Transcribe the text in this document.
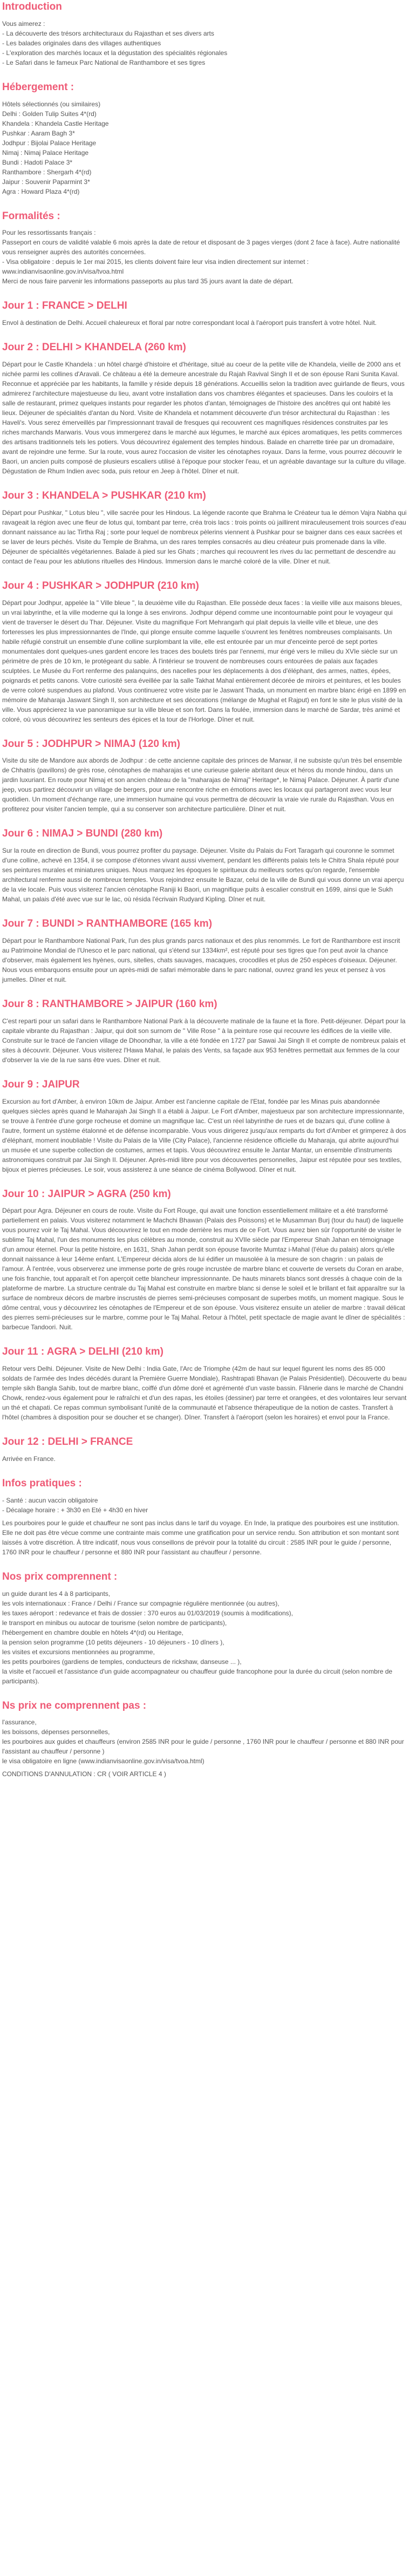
Introduction
Vous aimerez :
- La découverte des trésors architecturaux du Rajasthan et ses divers arts
- Les balades originales dans des villages authentiques
- L'exploration des marchés locaux et la dégustation des spécialités régionales
- Le Safari dans le fameux Parc National de Ranthambore et ses tigres
Hébergement :
Hôtels sélectionnés (ou similaires)
Delhi : Golden Tulip Suites 4*(rd)
Khandela : Khandela Castle Heritage
Pushkar : Aaram Bagh 3*
Jodhpur : Bijolai Palace Heritage
Nimaj : Nimaj Palace Heritage
Bundi : Hadoti Palace 3*
Ranthambore : Shergarh 4*(rd)
Jaipur : Souvenir Paparmint 3*
Agra : Howard Plaza 4*(rd)
Formalités :
Pour les ressortissants français :
Passeport en cours de validité valable 6 mois après la date de retour et disposant de 3 pages vierges (dont 2 face à face). Autre nationalité vous renseigner auprès des autorités concernées.
- Visa obligatoire : depuis le 1er mai 2015, les clients doivent faire leur visa indien directement sur internet : www.indianvisaonline.gov.in/visa/tvoa.html
Merci de nous faire parvenir les informations passeports au plus tard 35 jours avant la date de départ.
Jour 1 : FRANCE > DELHI

Envol à destination de Delhi. Accueil chaleureux et floral par notre correspondant local à l'aéroport puis transfert à votre hôtel. Nuit.

Jour 2 : DELHI > KHANDELA (260 km)

Départ pour le Castle Khandela : un hôtel chargé d'histoire et d'héritage, situé au coeur de la petite ville de Khandela, vieille de 2000 ans et nichée parmi les collines d'Aravali. Ce château a été la demeure ancestrale du Rajah Ravival Singh II et de son épouse Rani Sunita Kaval. Reconnue et appréciée par les habitants, la famille y réside depuis 18 générations. Accueillis selon la tradition avec guirlande de fleurs, vous admirerez l'architecture majestueuse du lieu, avant votre installation dans vos chambres élégantes et spacieuses. Dans les couloirs et la salle de restaurant, primez quelques instants pour regarder les photos d'antan, témoignages de l'histoire des ancêtres qui ont habité les lieux. Déjeuner de spécialités d'antan du Nord. Visite de Khandela et notamment découverte d'un trésor architectural du Rajasthan : les Haveli's. Vous serez émerveillés par l'impressionnant travail de fresques qui recouvrent ces magnifiques résidences construites par les riches marchands Marwaris. Vous vous immergerez dans le marché aux légumes, le marché aux épices aromatiques, les petits commerces des artisans traditionnels tels les potiers. Vous découvrirez également des temples hindous. Balade en charrette tirée par un dromadaire, avant de rejoindre une ferme. Sur la route, vous aurez l'occasion de visiter les cénotaphes royaux. Dans la ferme, vous pourrez découvrir le Baori, un ancien puits composé de plusieurs escaliers utilisé à l'époque pour stocker l'eau, et un agréable davantage sur la culture du village. Dégustation de Rhum Indien avec soda, puis retour en Jeep à l'hôtel. Dîner et nuit.

Jour 3 : KHANDELA > PUSHKAR (210 km)

Départ pour Pushkar, " Lotus bleu ", ville sacrée pour les Hindous. La légende raconte que Brahma le Créateur tua le démon Vajra Nabha qui ravageait la région avec une fleur de lotus qui, tombant par terre, créa trois lacs : trois points où jaillirent miraculeusement trois sources d'eau donnant naissance au lac Tirtha Raj ; sorte pour lequel de nombreux pèlerins viennent à Pushkar pour se baigner dans ces eaux sacrées et se laver de leurs péchés. Visite du Temple de Brahma, un des rares temples consacrés au dieu créateur puis promenade dans la ville. Déjeuner de spécialités végétariennes. Balade à pied sur les Ghats ; marches qui recouvrent les rives du lac permettant de descendre au contact de l'eau pour les ablutions rituelles des Hindous. Immersion dans le marché coloré de la ville. Dîner et nuit.

Jour 4 : PUSHKAR > JODHPUR (210 km)

Départ pour Jodhpur, appelée la " Ville bleue ", la deuxième ville du Rajasthan. Elle possède deux faces : la vieille ville aux maisons bleues, un vrai labyrinthe, et la ville moderne qui la longe à ses environs. Jodhpur dépend comme une incontournable point pour le voyageur qui vient de traverser le désert du Thar. Déjeuner. Visite du magnifique Fort Mehrangarh qui plait depuis la vieille ville et bleue, une des forteresses les plus impressionnantes de l'Inde, qui plonge ensuite comme laquelle s'ouvrent les fenêtres nombreuses complaisants. Un habile réfugié construit un ensemble d'une colline surplombant la ville, elle est entourée par un mur d'enceinte percé de sept portes monumentales dont quelques-unes gardent encore les traces des boulets tirés par l'ennemi, mur érigé vers le milieu du XVIe siècle sur un périmètre de près de 10 km, le protégeant du sable. À l'intérieur se trouvent de nombreuses cours entourées de palais aux façades sculptées. Le Musée du Fort renferme des palanquins, des nacelles pour les déplacements à dos d'éléphant, des armes, nattes, épées, poignards et petits canons. Votre curiosité sera éveillée par la salle Takhat Mahal entièrement décorée de miroirs et peintures, et les boules de verre coloré suspendues au plafond. Vous continuerez votre visite par le Jaswant Thada, un monument en marbre blanc érigé en 1899 en mémoire de Maharaja Jaswant Singh II, son architecture et ses décorations (mélange de Mughal et Rajput) en font le site le plus visité de la ville. Vous apprécierez la vue panoramique sur la ville bleue et son fort. Dans la foulée, immersion dans le marché de Sardar, très animé et coloré, où vous découvrirez les senteurs des épices et la tour de l'Horloge. Dîner et nuit.

Jour 5 : JODHPUR > NIMAJ (120 km)

Visite du site de Mandore aux abords de Jodhpur : de cette ancienne capitale des princes de Marwar, il ne subsiste qu'un très bel ensemble de Chhatris (pavillons) de grès rose, cénotaphes de maharajas et une curieuse galerie abritant deux et héros du monde hindou, dans un jardin luxuriant. En route pour Nimaj et son ancien château de la "maharajas de Nimaj" Heritage*, le Nimaj Palace. Déjeuner. À partir d'une jeep, vous partirez découvrir un village de bergers, pour une rencontre riche en émotions avec les locaux qui partageront avec vous leur quotidien. Un moment d'échange rare, une immersion humaine qui vous permettra de découvrir la vraie vie rurale du Rajasthan. Vous en profiterez pour visiter l'ancien temple, qui a su conserver son architecture particulière. Dîner et nuit.

Jour 6 : NIMAJ > BUNDI (280 km)

Sur la route en direction de Bundi, vous pourrez profiter du paysage. Déjeuner. Visite du Palais du Fort Taragarh qui couronne le sommet d'une colline, achevé en 1354, il se compose d'étonnes vivant aussi vivement, pendant les différents palais tels le Chitra Shala réputé pour ses peintures murales et miniatures uniques. Nous marquez les époques le spiritueux du meilleurs sortes qu'on regarde, l'ensemble architectural renferme aussi de nombreux temples. Vous rejoindrez ensuite le Bazar, celui de la ville de Bundi qui vous donne un vrai aperçu de la vie locale. Puis vous visiterez l'ancien cénotaphe Raniji ki Baori, un magnifique puits à escalier construit en 1699, ainsi que le Sukh Mahal, un palais d'été avec vue sur le lac, où résida l'écrivain Rudyard Kipling. Dîner et nuit.

Jour 7 : BUNDI > RANTHAMBORE (165 km)

Départ pour le Ranthambore National Park, l'un des plus grands parcs nationaux et des plus renommés. Le fort de Ranthambore est inscrit au Patrimoine Mondial de l'Unesco et le parc national, qui s'étend sur 1334km², est réputé pour ses tigres que l'on peut avoir la chance d'observer, mais également les hyènes, ours, sitelles, chats sauvages, macaques, crocodiles et plus de 250 espèces d'oiseaux. Déjeuner. Nous vous embarquons ensuite pour un après-midi de safari mémorable dans le parc national, ouvrez grand les yeux et pensez à vos jumelles. Dîner et nuit.

Jour 8 : RANTHAMBORE > JAIPUR (160 km)

C'est reparti pour un safari dans le Ranthambore National Park à la découverte matinale de la faune et la flore. Petit-déjeuner. Départ pour la capitale vibrante du Rajasthan : Jaipur, qui doit son surnom de " Ville Rose " à la peinture rose qui recouvre les édifices de la vieille ville. Construite sur le tracé de l'ancien village de Dhoondhar, la ville a été fondée en 1727 par Sawai Jai Singh II et compte de nombreux palais et sites à découvrir. Déjeuner. Vous visiterez l'Hawa Mahal, le palais des Vents, sa façade aux 953 fenêtres permettait aux femmes de la cour d'observer la vie de la rue sans être vues. Dîner et nuit.

Jour 9 : JAIPUR

Excursion au fort d'Amber, à environ 10km de Jaipur. Amber est l'ancienne capitale de l'Etat, fondée par les Minas puis abandonnée quelques siècles après quand le Maharajah Jai Singh II a établi à Jaipur. Le Fort d'Amber, majestueux par son architecture impressionnante, se trouve à l'entrée d'une gorge rocheuse et domine un magnifique lac. C'est un réel labyrinthe de rues et de bazars qui, d'une colline à l'autre, forment un système étalonné et de défense incomparable. Vous vous dirigerez jusqu'aux remparts du fort d'Amber et grimperez à dos d'éléphant, moment inoubliable ! Visite du Palais de la Ville (City Palace), l'ancienne résidence officielle du Maharaja, qui abrite aujourd'hui un musée et une superbe collection de costumes, armes et tapis. Vous découvrirez ensuite le Jantar Mantar, un ensemble d'instruments astronomiques construit par Jai Singh II. Déjeuner. Après-midi libre pour vos découvertes personnelles, Jaipur est réputée pour ses textiles, bijoux et pierres précieuses. Le soir, vous assisterez à une séance de cinéma Bollywood. Dîner et nuit.

Jour 10 : JAIPUR > AGRA (250 km)

Départ pour Agra. Déjeuner en cours de route. Visite du Fort Rouge, qui avait une fonction essentiellement militaire et a été transformé partiellement en palais. Vous visiterez notamment le Machchi Bhawan (Palais des Poissons) et le Musamman Burj (tour du haut) de laquelle vous pourrez voir le Taj Mahal. Vous découvrirez le tout en mode derrière les murs de ce Fort. Vous aurez bien sûr l'opportunité de visiter le sublime Taj Mahal, l'un des monuments les plus célèbres au monde, construit au XVIIe siècle par l'Empereur Shah Jahan en témoignage d'un amour éternel. Pour la petite histoire, en 1631, Shah Jahan perdit son épouse favorite Mumtaz i-Mahal (l'élue du palais) alors qu'elle donnait naissance à leur 14ème enfant. L'Empereur décida alors de lui édifier un mausolée à la mesure de son chagrin : un palais de l'amour. À l'entrée, vous observerez une immense porte de grès rouge incrustée de marbre blanc et couverte de versets du Coran en arabe, une fois franchie, tout apparaît et l'on aperçoit cette blancheur impressionnante. De hauts minarets blancs sont dressés à chaque coin de la plateforme de marbre. La structure centrale du Taj Mahal est construite en marbre blanc si dense le soleil et le brillant et fait apparaître sur la surface de nombreux décors de marbre inscrustés de pierres semi-précieuses composant de superbes motifs, un moment magique. Sous le dôme central, vous y découvrirez les cénotaphes de l'Empereur et de son épouse. Vous visiterez ensuite un atelier de marbre : travail délicat des pierres semi-précieuses sur le marbre, comme pour le Taj Mahal. Retour à l'hôtel, petit spectacle de magie avant le dîner de spécialités : barbecue Tandoori. Nuit.

Jour 11 : AGRA > DELHI (210 km)

Retour vers Delhi. Déjeuner. Visite de New Delhi : India Gate, l'Arc de Triomphe (42m de haut sur lequel figurent les noms des 85 000 soldats de l'armée des Indes décédés durant la Première Guerre Mondiale), Rashtrapati Bhavan (le Palais Présidentiel). Découverte du beau temple sikh Bangla Sahib, tout de marbre blanc, coiffé d'un dôme doré et agrémenté d'un vaste bassin. Flânerie dans le marché de Chandni Chowk, rendez-vous également pour le rafraîchi et d'un des rapas, les étoiles (dessiner) par terre et orangées, et des volontaires leur servant un thé et chapati. Ce repas commun symbolisant l'unité de la communauté et l'absence thérapeutique de la notion de castes. Transfert à l'hôtel (chambres à disposition pour se doucher et se changer). Dîner. Transfert à l'aéroport (selon les horaires) et envol pour la France.

Jour 12 : DELHI > FRANCE

Arrivée en France.

Infos pratiques :
- Santé : aucun vaccin obligatoire
- Décalage horaire : + 3h30 en Eté + 4h30 en hiver

Les pourboires pour le guide et chauffeur ne sont pas inclus dans le tarif du voyage. En Inde, la pratique des pourboires est une institution. Elle ne doit pas être vécue comme une contrainte mais comme une gratification pour un service rendu. Son attribution et son montant sont laissés à votre discrétion. À titre indicatif, nous vous conseillons de prévoir pour la totalité du circuit : 2585 INR pour le guide / personne, 1760 INR pour le chauffeur / personne et 880 INR pour l'assistant au chauffeur / personne.

Nos prix comprennent :
un guide durant les 4 à 8 participants,
les vols internationaux : France / Delhi / France sur compagnie régulière mentionnée (ou autres),
les taxes aéroport : redevance et frais de dossier : 370 euros au 01/03/2019 (soumis à modifications),
le transport en minibus ou autocar de tourisme (selon nombre de participants),
l'hébergement en chambre double en hôtels 4*(rd) ou Heritage,
la pension selon programme (10 petits déjeuners - 10 déjeuners - 10 dîners ),
les visites et excursions mentionnées au programme,
les petits pourboires (gardiens de temples, conducteurs de rickshaw, danseuse ... ),
la visite et l'accueil et l'assistance d'un guide accompagnateur ou chauffeur guide francophone pour la durée du circuit (selon nombre de participants).
Ns prix ne comprennent pas :
l'assurance,
les boissons, dépenses personnelles,
les pourboires aux guides et chauffeurs (environ 2585 INR pour le guide / personne , 1760 INR pour le chauffeur / personne et 880 INR pour l'assistant au chauffeur / personne )
le visa obligatoire en ligne (www.indianvisaonline.gov.in/visa/tvoa.html)
CONDITIONS D'ANNULATION : CR ( VOIR ARTICLE 4 )
